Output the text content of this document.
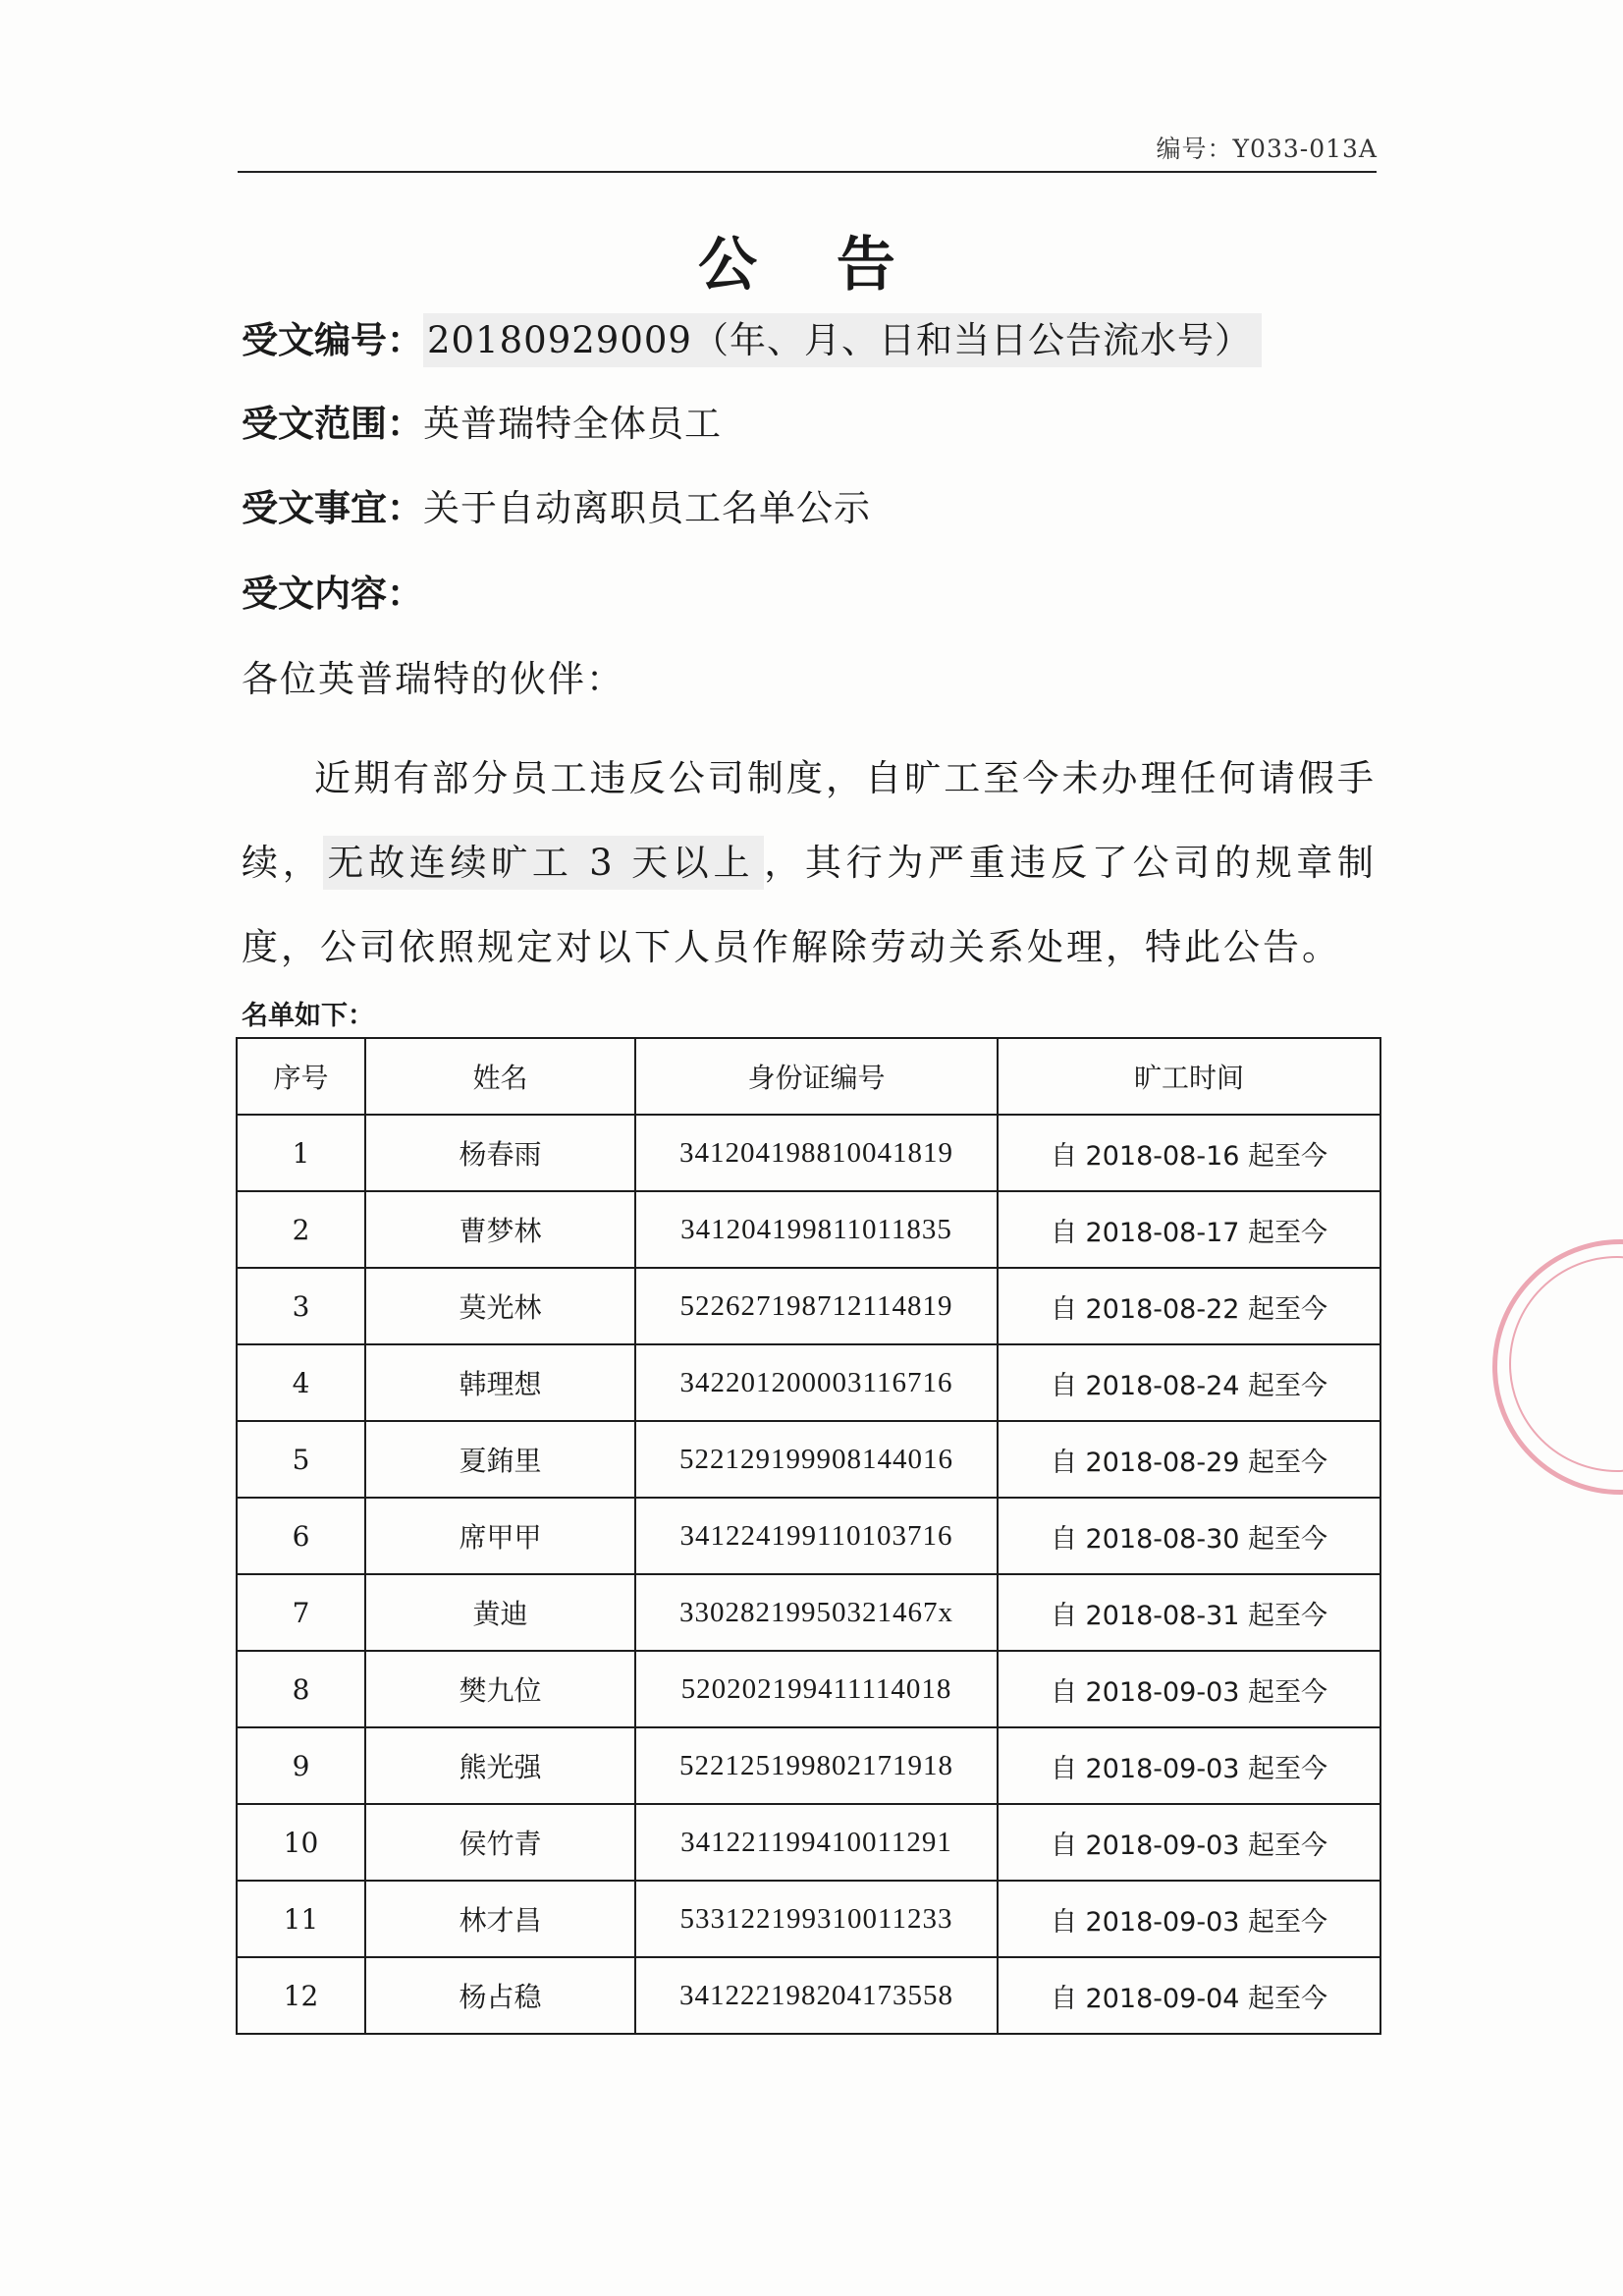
编号：Y033-013A
公 告
受文编号： 20180929009（年、月、日和当日公告流水号）
受文范围：英普瑞特全体员工
受文事宜：关于自动离职员工名单公示
受文内容：
各位英普瑞特的伙伴：

近期有部分员工违反公司制度，自旷工至今未办理任何请假手续， 无故连续旷工 3 天以上 ，其行为严重违反了公司的规章制度，公司依照规定对以下人员作解除劳动关系处理，特此公告。

名单如下：
序号	姓名	身份证编号	旷工时间
1	杨春雨	341204198810041819	自 2018-08-16 起至今
2	曹梦林	341204199811011835	自 2018-08-17 起至今
3	莫光林	522627198712114819	自 2018-08-22 起至今
4	韩理想	342201200003116716	自 2018-08-24 起至今
5	夏銪里	522129199908144016	自 2018-08-29 起至今
6	席甲甲	341224199110103716	自 2018-08-30 起至今
7	黄迪	33028219950321467x	自 2018-08-31 起至今
8	樊九位	520202199411114018	自 2018-09-03 起至今
9	熊光强	522125199802171918	自 2018-09-03 起至今
10	侯竹青	341221199410011291	自 2018-09-03 起至今
11	林才昌	533122199310011233	自 2018-09-03 起至今
12	杨占稳	341222198204173558	自 2018-09-04 起至今
